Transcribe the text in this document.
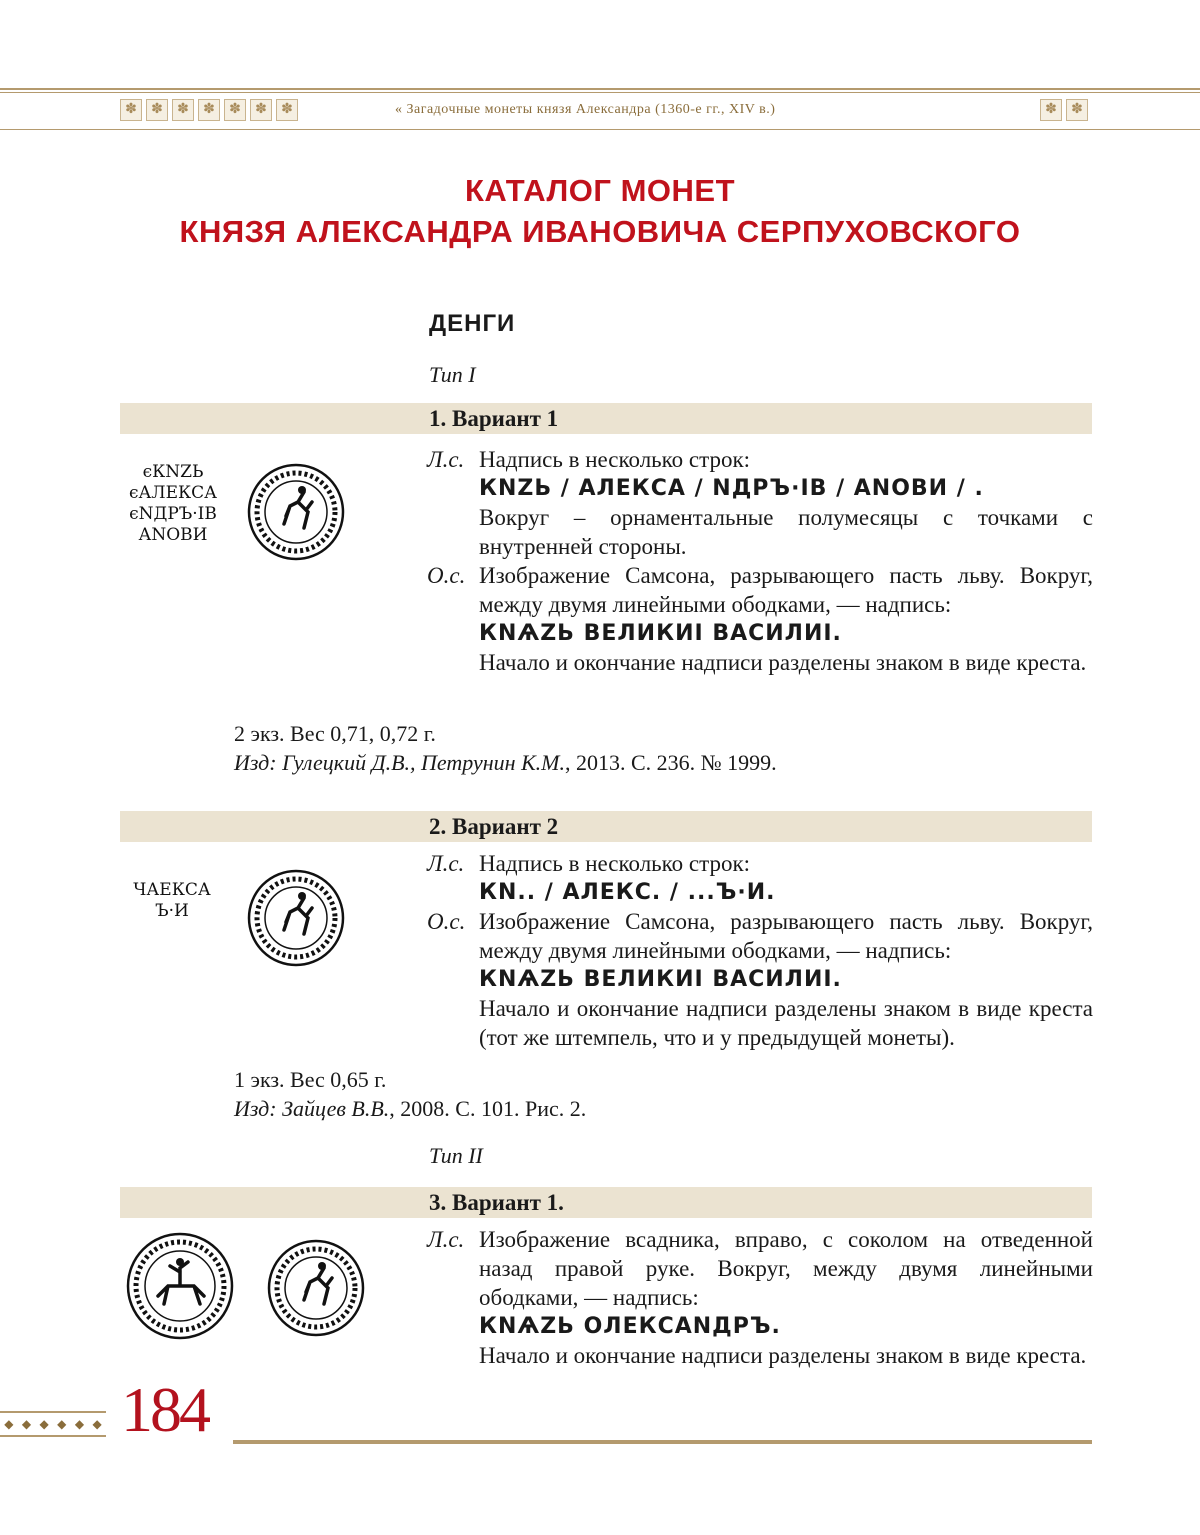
✽	✽	✽	✽	✽	✽	✽	« Загадочные монеты князя Александра (1360-е гг., XIV в.)	✽	✽
КАТАЛОГ МОНЕТ
КНЯЗЯ АЛЕКСАНДРА ИВАНОВИЧА СЕРПУХОВСКОГО
ДЕНГИ
Тип I
1. Вариант 1
єКNZЬ
єАЛЕКСА
єNДРЪ·IВ
АNОВИ
Л.с. Надпись в несколько строк:
КNZЬ / АЛЕКСА / NДРЪ·IВ / АNОВИ / .
Вокруг – орнаментальные полумесяцы с точками с внутренней стороны.
О.с. Изображение Самсона, разрывающего пасть льву. Вокруг, между двумя линейными ободками, — надпись:
КNѦZЬ ВЕЛИКИI ВАСИЛИI.
Начало и окончание надписи разделены знаком в виде креста.
2 экз. Вес 0,71, 0,72 г.
Изд: Гулецкий Д.В., Петрунин К.М., 2013. С. 236. № 1999.
2. Вариант 2
ЧАЕКСА
Ъ·И
Л.с. Надпись в несколько строк:
КN.. / АЛЕКС. / ...Ъ·И.
О.с. Изображение Самсона, разрывающего пасть льву. Вокруг, между двумя линейными ободками, — надпись:
КNѦZЬ ВЕЛИКИI ВАСИЛИI.
Начало и окончание надписи разделены знаком в виде креста (тот же штемпель, что и у предыдущей монеты).
1 экз. Вес 0,65 г.
Изд: Зайцев В.В., 2008. С. 101. Рис. 2.
Тип II
3. Вариант 1.
Л.с. Изображение всадника, вправо, с соколом на отведенной назад правой руке. Вокруг, между двумя линейными ободками, — надпись:
КNѦZЬ ОЛЕКСАNДРЪ.
Начало и окончание надписи разделены знаком в виде креста.
◆ ◆ ◆ ◆ ◆ ◆ 184
